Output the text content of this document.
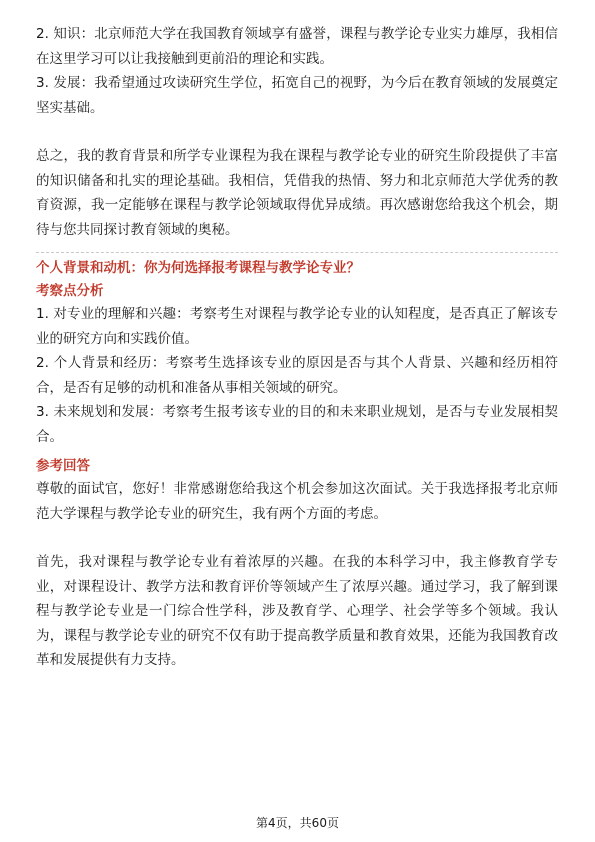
2. 知识：北京师范大学在我国教育领域享有盛誉，课程与教学论专业实力雄厚，我相信在这里学习可以让我接触到更前沿的理论和实践。

3. 发展：我希望通过攻读研究生学位，拓宽自己的视野，为今后在教育领域的发展奠定坚实基础。

总之，我的教育背景和所学专业课程为我在课程与教学论专业的研究生阶段提供了丰富的知识储备和扎实的理论基础。我相信，凭借我的热情、努力和北京师范大学优秀的教育资源，我一定能够在课程与教学论领域取得优异成绩。再次感谢您给我这个机会，期待与您共同探讨教育领域的奥秘。

个人背景和动机：你为何选择报考课程与教学论专业？

考察点分析

1. 对专业的理解和兴趣：考察考生对课程与教学论专业的认知程度，是否真正了解该专业的研究方向和实践价值。

2. 个人背景和经历：考察考生选择该专业的原因是否与其个人背景、兴趣和经历相符合，是否有足够的动机和准备从事相关领域的研究。

3. 未来规划和发展：考察考生报考该专业的目的和未来职业规划，是否与专业发展相契合。

参考回答

尊敬的面试官，您好！非常感谢您给我这个机会参加这次面试。关于我选择报考北京师范大学课程与教学论专业的研究生，我有两个方面的考虑。

首先，我对课程与教学论专业有着浓厚的兴趣。在我的本科学习中，我主修教育学专业，对课程设计、教学方法和教育评价等领域产生了浓厚兴趣。通过学习，我了解到课程与教学论专业是一门综合性学科，涉及教育学、心理学、社会学等多个领域。我认为，课程与教学论专业的研究不仅有助于提高教学质量和教育效果，还能为我国教育改革和发展提供有力支持。

第4页，共60页
